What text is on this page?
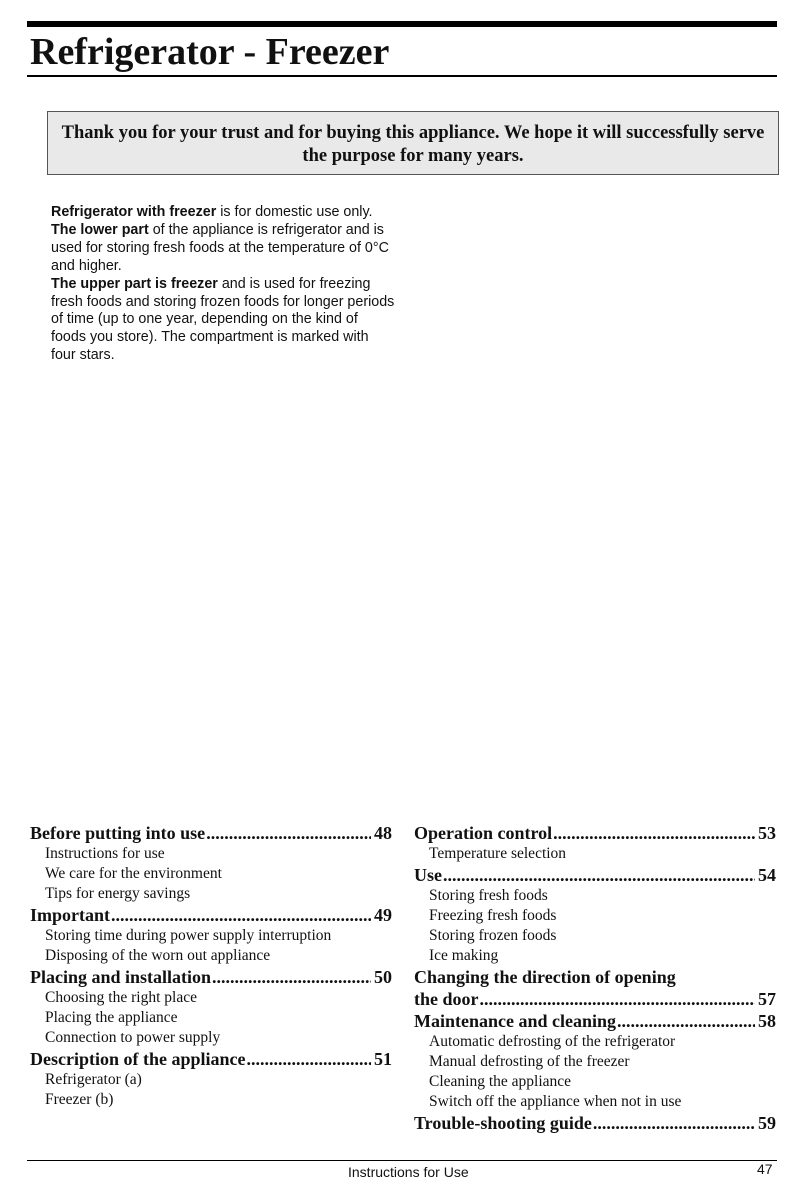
Refrigerator - Freezer
Thank you for your trust and for buying this appliance. We hope it will successfully serve
the purpose for many years.

Refrigerator with freezer is for domestic use only.

The lower part of the appliance is refrigerator and is used for storing fresh foods at the temperature of 0°C and higher.

The upper part is freezer and is used for freezing fresh foods and storing frozen foods for longer periods of time (up to one year, depending on the kind of foods you store). The compartment is marked with four stars.

Before putting into use .....	48
Instructions for use
We care for the environment
Tips for energy savings
Important .....	49
Storing time during power supply interruption
Disposing of the worn out appliance
Placing and installation .....	50
Choosing the right place
Placing the appliance
Connection to power supply
Description of the appliance .....	51
Refrigerator (a)
Freezer (b)
Operation control .....	53
Temperature selection
Use .....	54
Storing fresh foods
Freezing fresh foods
Storing frozen foods
Ice making
Changing the direction of opening
the door .....	57
Maintenance and cleaning .....	58
Automatic defrosting of the refrigerator
Manual defrosting of the freezer
Cleaning the appliance
Switch off the appliance when not in use
Trouble-shooting guide .....	59
Instructions for Use	47
